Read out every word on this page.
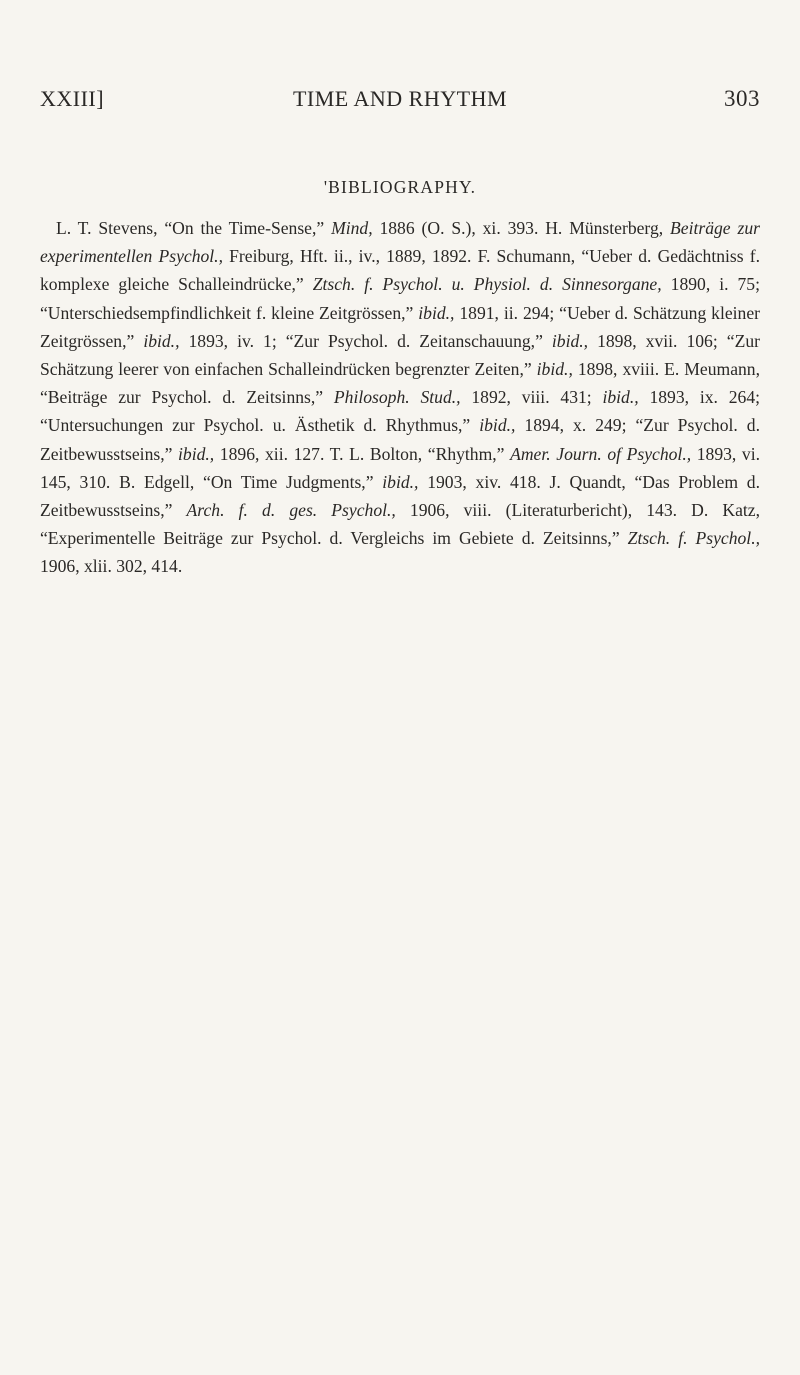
XXIII]	TIME AND RHYTHM	303
'BIBLIOGRAPHY.

L. T. Stevens, “On the Time-Sense,” Mind, 1886 (O. S.), xi. 393. H. Münsterberg, Beiträge zur experimentellen Psychol., Freiburg, Hft. ii., iv., 1889, 1892. F. Schumann, “Ueber d. Gedächtniss f. komplexe gleiche Schalleindrücke,” Ztsch. f. Psychol. u. Physiol. d. Sinnesorgane, 1890, i. 75; “Unterschiedsempfindlichkeit f. kleine Zeitgrössen,” ibid., 1891, ii. 294; “Ueber d. Schätzung kleiner Zeitgrössen,” ibid., 1893, iv. 1; “Zur Psychol. d. Zeitanschauung,” ibid., 1898, xvii. 106; “Zur Schätzung leerer von einfachen Schalleindrücken begrenzter Zeiten,” ibid., 1898, xviii. E. Meumann, “Beiträge zur Psychol. d. Zeitsinns,” Philosoph. Stud., 1892, viii. 431; ibid., 1893, ix. 264; “Untersuchungen zur Psychol. u. Ästhetik d. Rhythmus,” ibid., 1894, x. 249; “Zur Psychol. d. Zeitbewusstseins,” ibid., 1896, xii. 127. T. L. Bolton, “Rhythm,” Amer. Journ. of Psychol., 1893, vi. 145, 310. B. Edgell, “On Time Judgments,” ibid., 1903, xiv. 418. J. Quandt, “Das Problem d. Zeitbewusstseins,” Arch. f. d. ges. Psychol., 1906, viii. (Literaturbericht), 143. D. Katz, “Experimentelle Beiträge zur Psychol. d. Vergleichs im Gebiete d. Zeitsinns,” Ztsch. f. Psychol., 1906, xlii. 302, 414.
